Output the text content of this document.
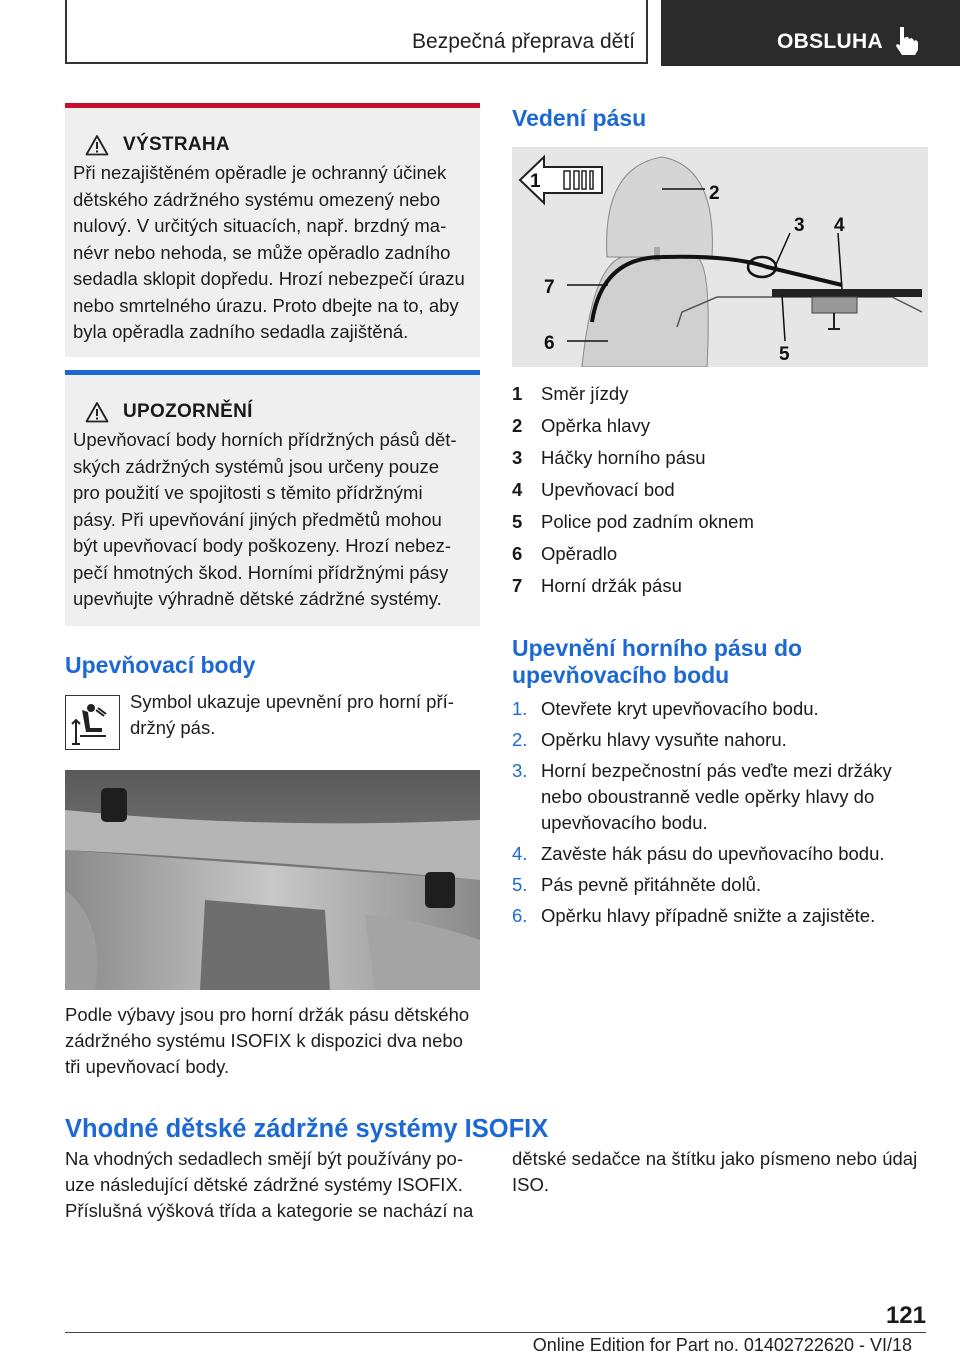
Bezpečná přeprava dětí	OBSLUHA
VÝSTRAHA
Při nezajištěném opěradle je ochranný účinek
dětského zádržného systému omezený nebo
nulový. V určitých situacích, např. brzdný ma-
névr nebo nehoda, se může opěradlo zadního
sedadla sklopit dopředu. Hrozí nebezpečí úrazu
nebo smrtelného úrazu. Proto dbejte na to, aby
byla opěradla zadního sedadla zajištěná.
UPOZORNĚNÍ
Upevňovací body horních přídržných pásů dět-
ských zádržných systémů jsou určeny pouze
pro použití ve spojitosti s těmito přídržnými
pásy. Při upevňování jiných předmětů mohou
být upevňovací body poškozeny. Hrozí nebez-
pečí hmotných škod. Horními přídržnými pásy
upevňujte výhradně dětské zádržné systémy.
Upevňovací body
Symbol ukazuje upevnění pro horní pří-
držný pás.
Podle výbavy jsou pro horní držák pásu dětského
zádržného systému ISOFIX k dispozici dva nebo
tři upevňovací body.
Vedení pásu
1
2
3 4
5
6
7
1	Směr jízdy
2	Opěrka hlavy
3	Háčky horního pásu
4	Upevňovací bod
5	Police pod zadním oknem
6	Opěradlo
7	Horní držák pásu
Upevnění horního pásu do
upevňovacího bodu
1. Otevřete kryt upevňovacího bodu.
2. Opěrku hlavy vysuňte nahoru.
3. Horní bezpečnostní pás veďte mezi držáky
nebo oboustranně vedle opěrky hlavy do
upevňovacího bodu.
4. Zavěste hák pásu do upevňovacího bodu.
5. Pás pevně přitáhněte dolů.
6. Opěrku hlavy případně snižte a zajistěte.
Vhodné dětské zádržné systémy ISOFIX
Na vhodných sedadlech smějí být používány po-
uze následující dětské zádržné systémy ISOFIX.
Příslušná výšková třída a kategorie se nachází na
dětské sedačce na štítku jako písmeno nebo údaj
ISO.
121
Online Edition for Part no. 01402722620 - VI/18
